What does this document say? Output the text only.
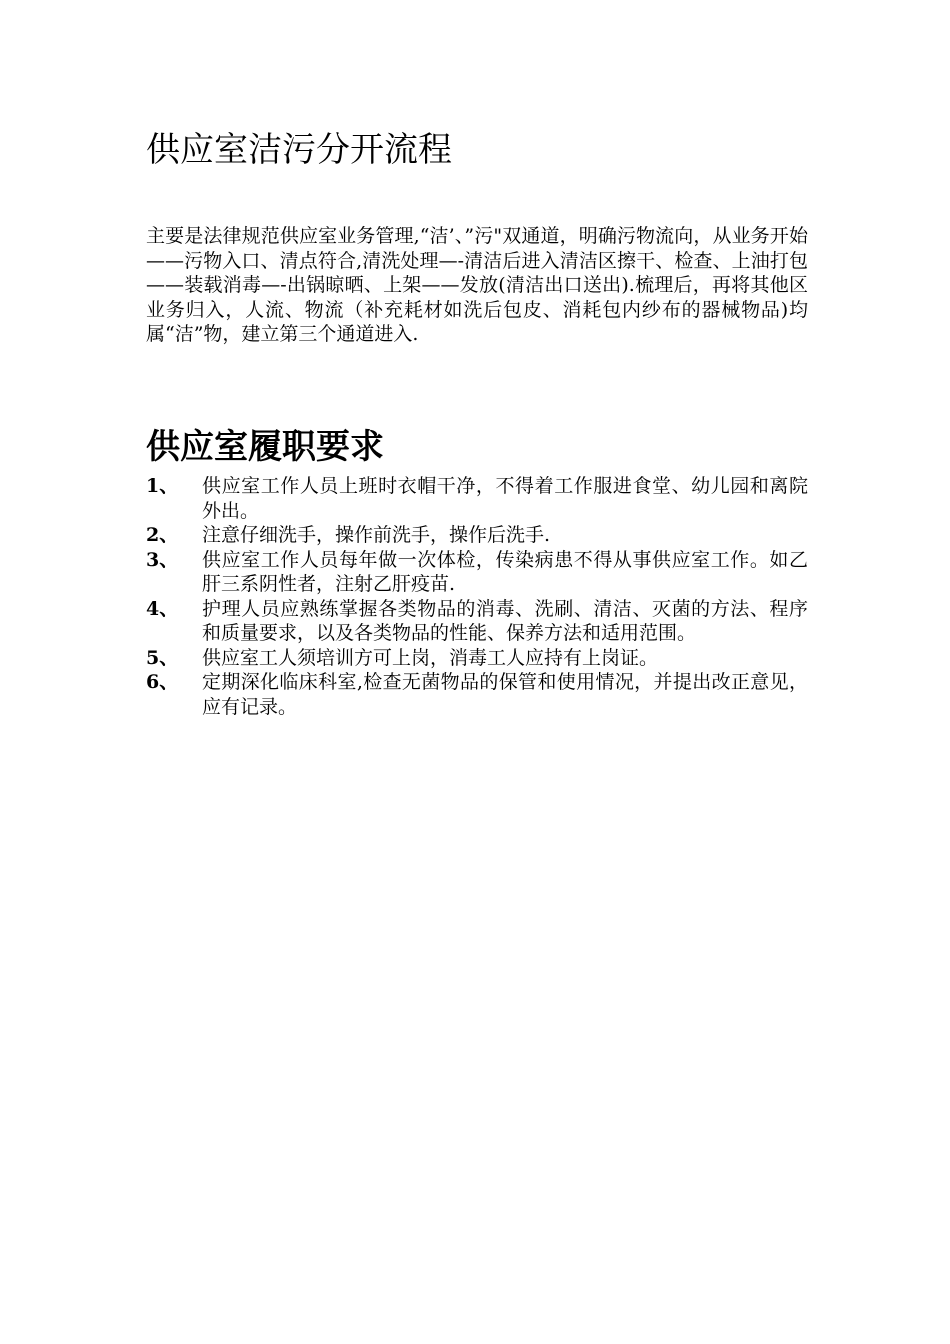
供应室洁污分开流程

主要是法律规范供应室业务管理,“洁’、”污"双通道，明确污物流向，从业务开始——污物入口、清点符合,清洗处理—-清洁后进入清洁区擦干、检查、上油打包——装载消毒—-出锅晾晒、上架——发放(清洁出口送出).梳理后，再将其他区业务归入，人流、物流（补充耗材如洗后包皮、消耗包内纱布的器械物品)均属“洁”物，建立第三个通道进入.

供应室履职要求
1、	供应室工作人员上班时衣帽干净，不得着工作服进食堂、幼儿园和离院外出。
2、	注意仔细洗手，操作前洗手，操作后洗手.
3、	供应室工作人员每年做一次体检，传染病患不得从事供应室工作。如乙肝三系阴性者，注射乙肝疫苗.
4、	护理人员应熟练掌握各类物品的消毒、洗刷、清洁、灭菌的方法、程序和质量要求，以及各类物品的性能、保养方法和适用范围。
5、	供应室工人须培训方可上岗，消毒工人应持有上岗证。
6、	定期深化临床科室,检查无菌物品的保管和使用情况，并提出改正意见，应有记录。
